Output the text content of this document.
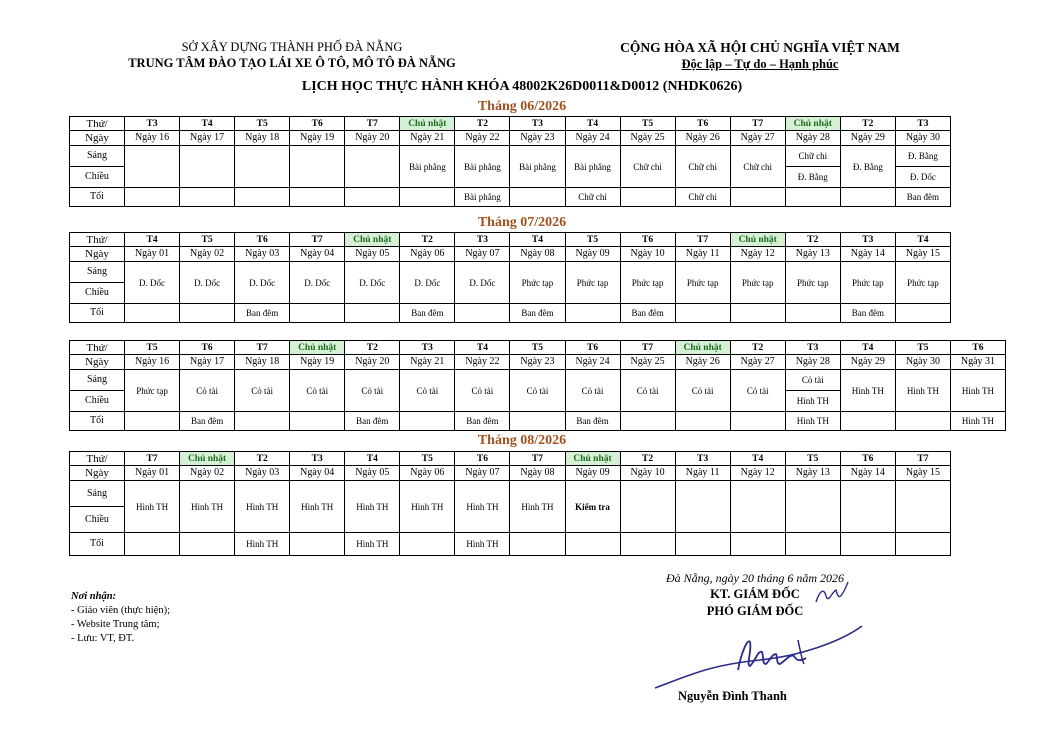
SỞ XÂY DỰNG THÀNH PHỐ ĐÀ NẴNG
TRUNG TÂM ĐÀO TẠO LÁI XE Ô TÔ, MÔ TÔ ĐÀ NẴNG
CỘNG HÒA XÃ HỘI CHỦ NGHĨA VIỆT NAM
Độc lập – Tự do – Hạnh phúc
LỊCH HỌC THỰC HÀNH KHÓA 48002K26D0011&D0012 (NHDK0626)
Tháng 06/2026
Tháng 07/2026
Tháng 08/2026
Thứ/	T3	T4	T5	T6	T7	Chủ nhật	T2	T3	T4	T5	T6	T7	Chủ nhật	T2	T3
Ngày	Ngày 16	Ngày 17	Ngày 18	Ngày 19	Ngày 20	Ngày 21	Ngày 22	Ngày 23	Ngày 24	Ngày 25	Ngày 26	Ngày 27	Ngày 28	Ngày 29	Ngày 30
Sáng						Bài phẳng	Bài phẳng	Bài phẳng	Bài phẳng	Chữ chi	Chữ chi	Chữ chi	Chữ chi	Đ. Bằng	Đ. Bằng
Chiều													Đ. Bằng		Đ. Dốc
Tối							Bài phẳng		Chữ chi		Chữ chi				Ban đêm
Thứ/	T4	T5	T6	T7	Chủ nhật	T2	T3	T4	T5	T6	T7	Chủ nhật	T2	T3	T4
Ngày	Ngày 01	Ngày 02	Ngày 03	Ngày 04	Ngày 05	Ngày 06	Ngày 07	Ngày 08	Ngày 09	Ngày 10	Ngày 11	Ngày 12	Ngày 13	Ngày 14	Ngày 15
Sáng	D. Dốc	D. Dốc	D. Dốc	D. Dốc	D. Dốc	D. Dốc	D. Dốc	Phức tạp	Phức tạp	Phức tạp	Phức tạp	Phức tạp	Phức tạp	Phức tạp	Phức tạp
Chiều															
Tối			Ban đêm			Ban đêm		Ban đêm		Ban đêm				Ban đêm	
Thứ/	T5	T6	T7	Chủ nhật	T2	T3	T4	T5	T6	T7	Chủ nhật	T2	T3	T4	T5	T6
Ngày	Ngày 16	Ngày 17	Ngày 18	Ngày 19	Ngày 20	Ngày 21	Ngày 22	Ngày 23	Ngày 24	Ngày 25	Ngày 26	Ngày 27	Ngày 28	Ngày 29	Ngày 30	Ngày 31
Sáng	Phức tạp	Cỏ tài	Cỏ tài	Cỏ tài	Cỏ tài	Cỏ tài	Cỏ tài	Cỏ tài	Cỏ tài	Cỏ tài	Cỏ tài	Cỏ tài	Cỏ tài	Hình TH	Hình TH	Hình TH
Chiều													Hình TH			
Tối		Ban đêm			Ban đêm		Ban đêm		Ban đêm				Hình TH			Hình TH
Thứ/	T7	Chủ nhật	T2	T3	T4	T5	T6	T7	Chủ nhật	T2	T3	T4	T5	T6	T7
Ngày	Ngày 01	Ngày 02	Ngày 03	Ngày 04	Ngày 05	Ngày 06	Ngày 07	Ngày 08	Ngày 09	Ngày 10	Ngày 11	Ngày 12	Ngày 13	Ngày 14	Ngày 15
Sáng	Hình TH	Hình TH	Hình TH	Hình TH	Hình TH	Hình TH	Hình TH	Hình TH	Kiểm tra						
Chiều															
Tối			Hình TH		Hình TH		Hình TH								
Nơi nhận:
- Giáo viên (thực hiện);
- Website Trung tâm;
- Lưu: VT, ĐT.
Đà Nẵng, ngày 20 tháng 6 năm 2026
KT. GIÁM ĐỐC
PHÓ GIÁM ĐỐC
Nguyễn Đình Thanh
